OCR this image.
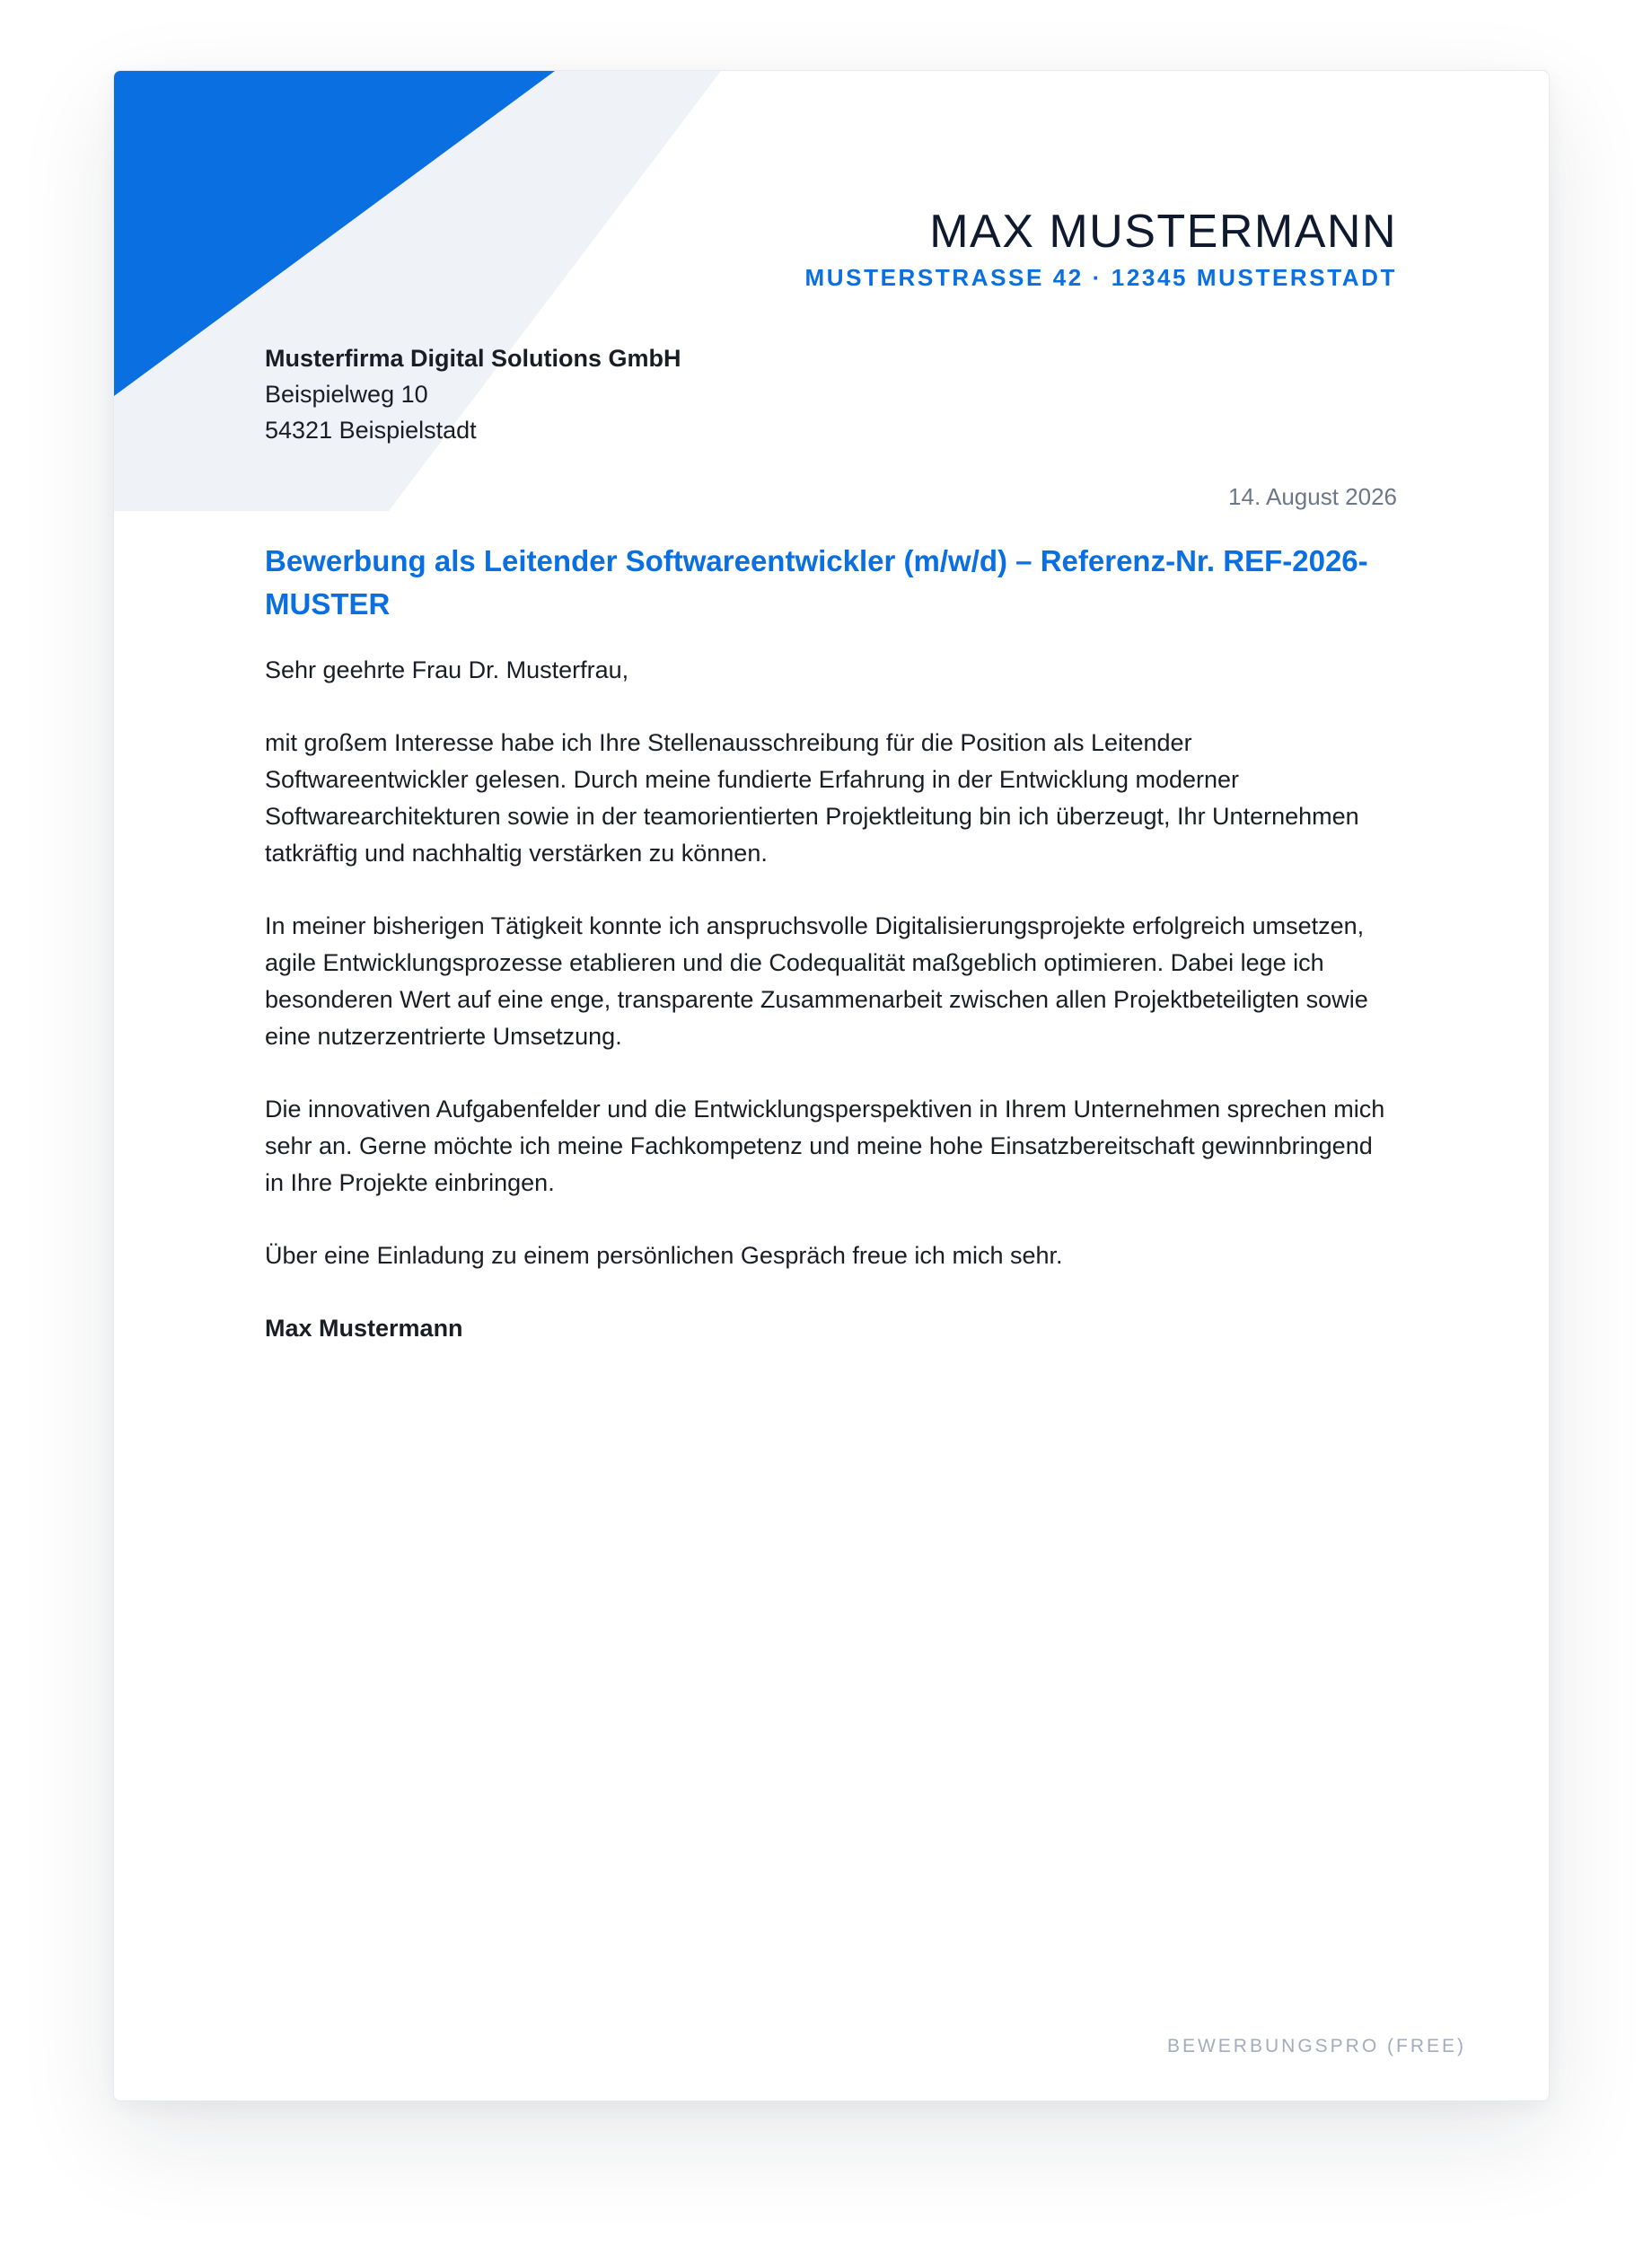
MAX MUSTERMANN
MUSTERSTRASSE 42 · 12345 MUSTERSTADT
Musterfirma Digital Solutions GmbH
Beispielweg 10
54321 Beispielstadt
14. August 2026
Bewerbung als Leitender Softwareentwickler (m/w/d) – Referenz-Nr. REF-2026-MUSTER

Sehr geehrte Frau Dr. Musterfrau,

mit großem Interesse habe ich Ihre Stellenausschreibung für die Position als Leitender Softwareentwickler gelesen. Durch meine fundierte Erfahrung in der Entwicklung moderner Softwarearchitekturen sowie in der teamorientierten Projektleitung bin ich überzeugt, Ihr Unternehmen tatkräftig und nachhaltig verstärken zu können.

In meiner bisherigen Tätigkeit konnte ich anspruchsvolle Digitalisierungsprojekte erfolgreich umsetzen, agile Entwicklungsprozesse etablieren und die Codequalität maßgeblich optimieren. Dabei lege ich besonderen Wert auf eine enge, transparente Zusammenarbeit zwischen allen Projektbeteiligten sowie eine nutzerzentrierte Umsetzung.

Die innovativen Aufgabenfelder und die Entwicklungsperspektiven in Ihrem Unternehmen sprechen mich sehr an. Gerne möchte ich meine Fachkompetenz und meine hohe Einsatzbereitschaft gewinnbringend in Ihre Projekte einbringen.

Über eine Einladung zu einem persönlichen Gespräch freue ich mich sehr.

Max Mustermann

BEWERBUNGSPRO (FREE)
